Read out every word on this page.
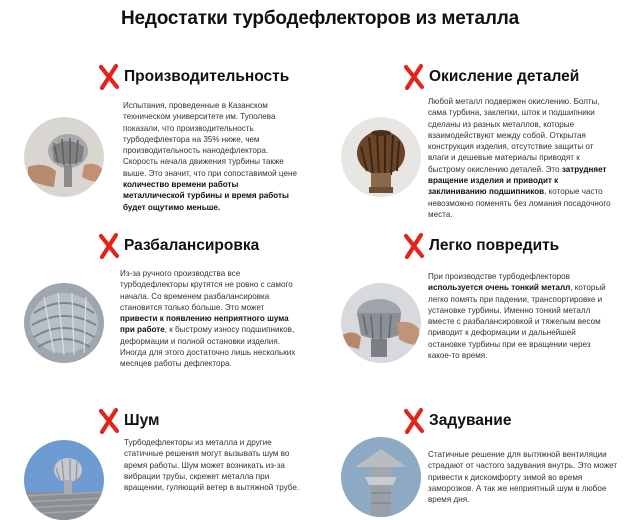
Недостатки турбодефлекторов из металла
Производительность
Испытания, проведенные в Казанском техническом университете им. Туполева показали, что производительность турбодефлектора на 35% ниже, чем производительность нанодефлектора. Скорость начала движения турбины также выше. Это значит, что при сопоставимой цене количество времени работы металлической турбины и время работы будет ощутимо меньше.
Окисление деталей
Любой металл подвержен окислению. Болты, сама турбина, заклепки, шток и подшипники сделаны из разных металлов, которые взаимодействуют между собой. Открытая конструкция изделия, отсутствие защиты от влаги и дешевые материалы приводят к быстрому окислению деталей. Это затрудняет вращение изделия и приводит к заклиниванию подшипников, которые часто невозможно поменять без ломания посадочного места.
Разбалансировка
Из-за ручного производства все турбодефлекторы крутятся не ровно с самого начала. Со временем разбалансировка становится только больше. Это может привести к появлению неприятного шума при работе, к быстрому износу подшипников, деформации и полной остановки изделия. Иногда для этого достаточно лишь нескольких месяцев работы дефлектора.
Легко повредить
При производстве турбодефлекторов используется очень тонкий металл, который легко помять при падении, транспортировке и установке турбины. Именно тонкий металл вместе с разбалансировкой и тяжелым весом приводит к деформации и дальнейшей остановке турбины при ее вращении через какое-то время.
Шум
Турбодефлекторы из металла и другие статичные решения могут вызывать шум во время работы. Шум может возникать из-за вибрации трубы, скрежет металла при вращении, гуляющий ветер в вытяжной трубе.
Задувание
Статичные решение для вытяжной вентиляции страдают от частого задувания внутрь. Это может привести к дискомфорту зимой во время заморозков. А так же неприятный шум в любое время дня.
